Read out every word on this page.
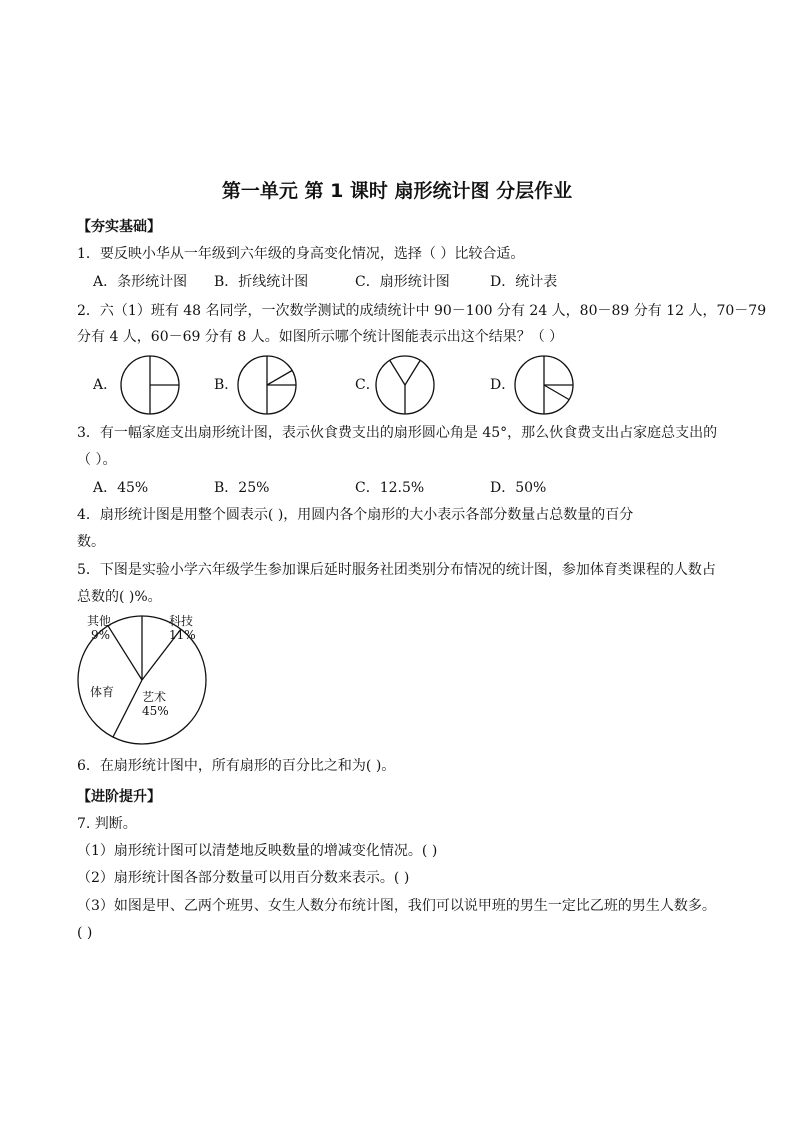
第一单元 第 1 课时 扇形统计图 分层作业
【夯实基础】
1．要反映小华从一年级到六年级的身高变化情况，选择（ ）比较合适。
A．条形统计图 B．折线统计图	C．扇形统计图	D．统计表
2．六（1）班有 48 名同学，一次数学测试的成绩统计中 90－100 分有 24 人，80－89 分有 12 人，70－79
分有 4 人，60－69 分有 8 人。如图所示哪个统计图能表示出这个结果？（ ）
A．	B．	C．	D．
3．有一幅家庭支出扇形统计图，表示伙食费支出的扇形圆心角是 45°，那么伙食费支出占家庭总支出的
（ ）。
A．45%	B．25%	C．12.5%	D．50%
4．扇形统计图是用整个圆表示( )，用圆内各个扇形的大小表示各部分数量占总数量的百分
数。
5．下图是实验小学六年级学生参加课后延时服务社团类别分布情况的统计图，参加体育类课程的人数占
总数的( )%。
其他
9%
科技
11%
体育 艺术
45%
6．在扇形统计图中，所有扇形的百分比之和为( )。
【进阶提升】
7. 判断。
（1）扇形统计图可以清楚地反映数量的增减变化情况。( )
（2）扇形统计图各部分数量可以用百分数来表示。( )
（3）如图是甲、乙两个班男、女生人数分布统计图，我们可以说甲班的男生一定比乙班的男生人数多。
( )
